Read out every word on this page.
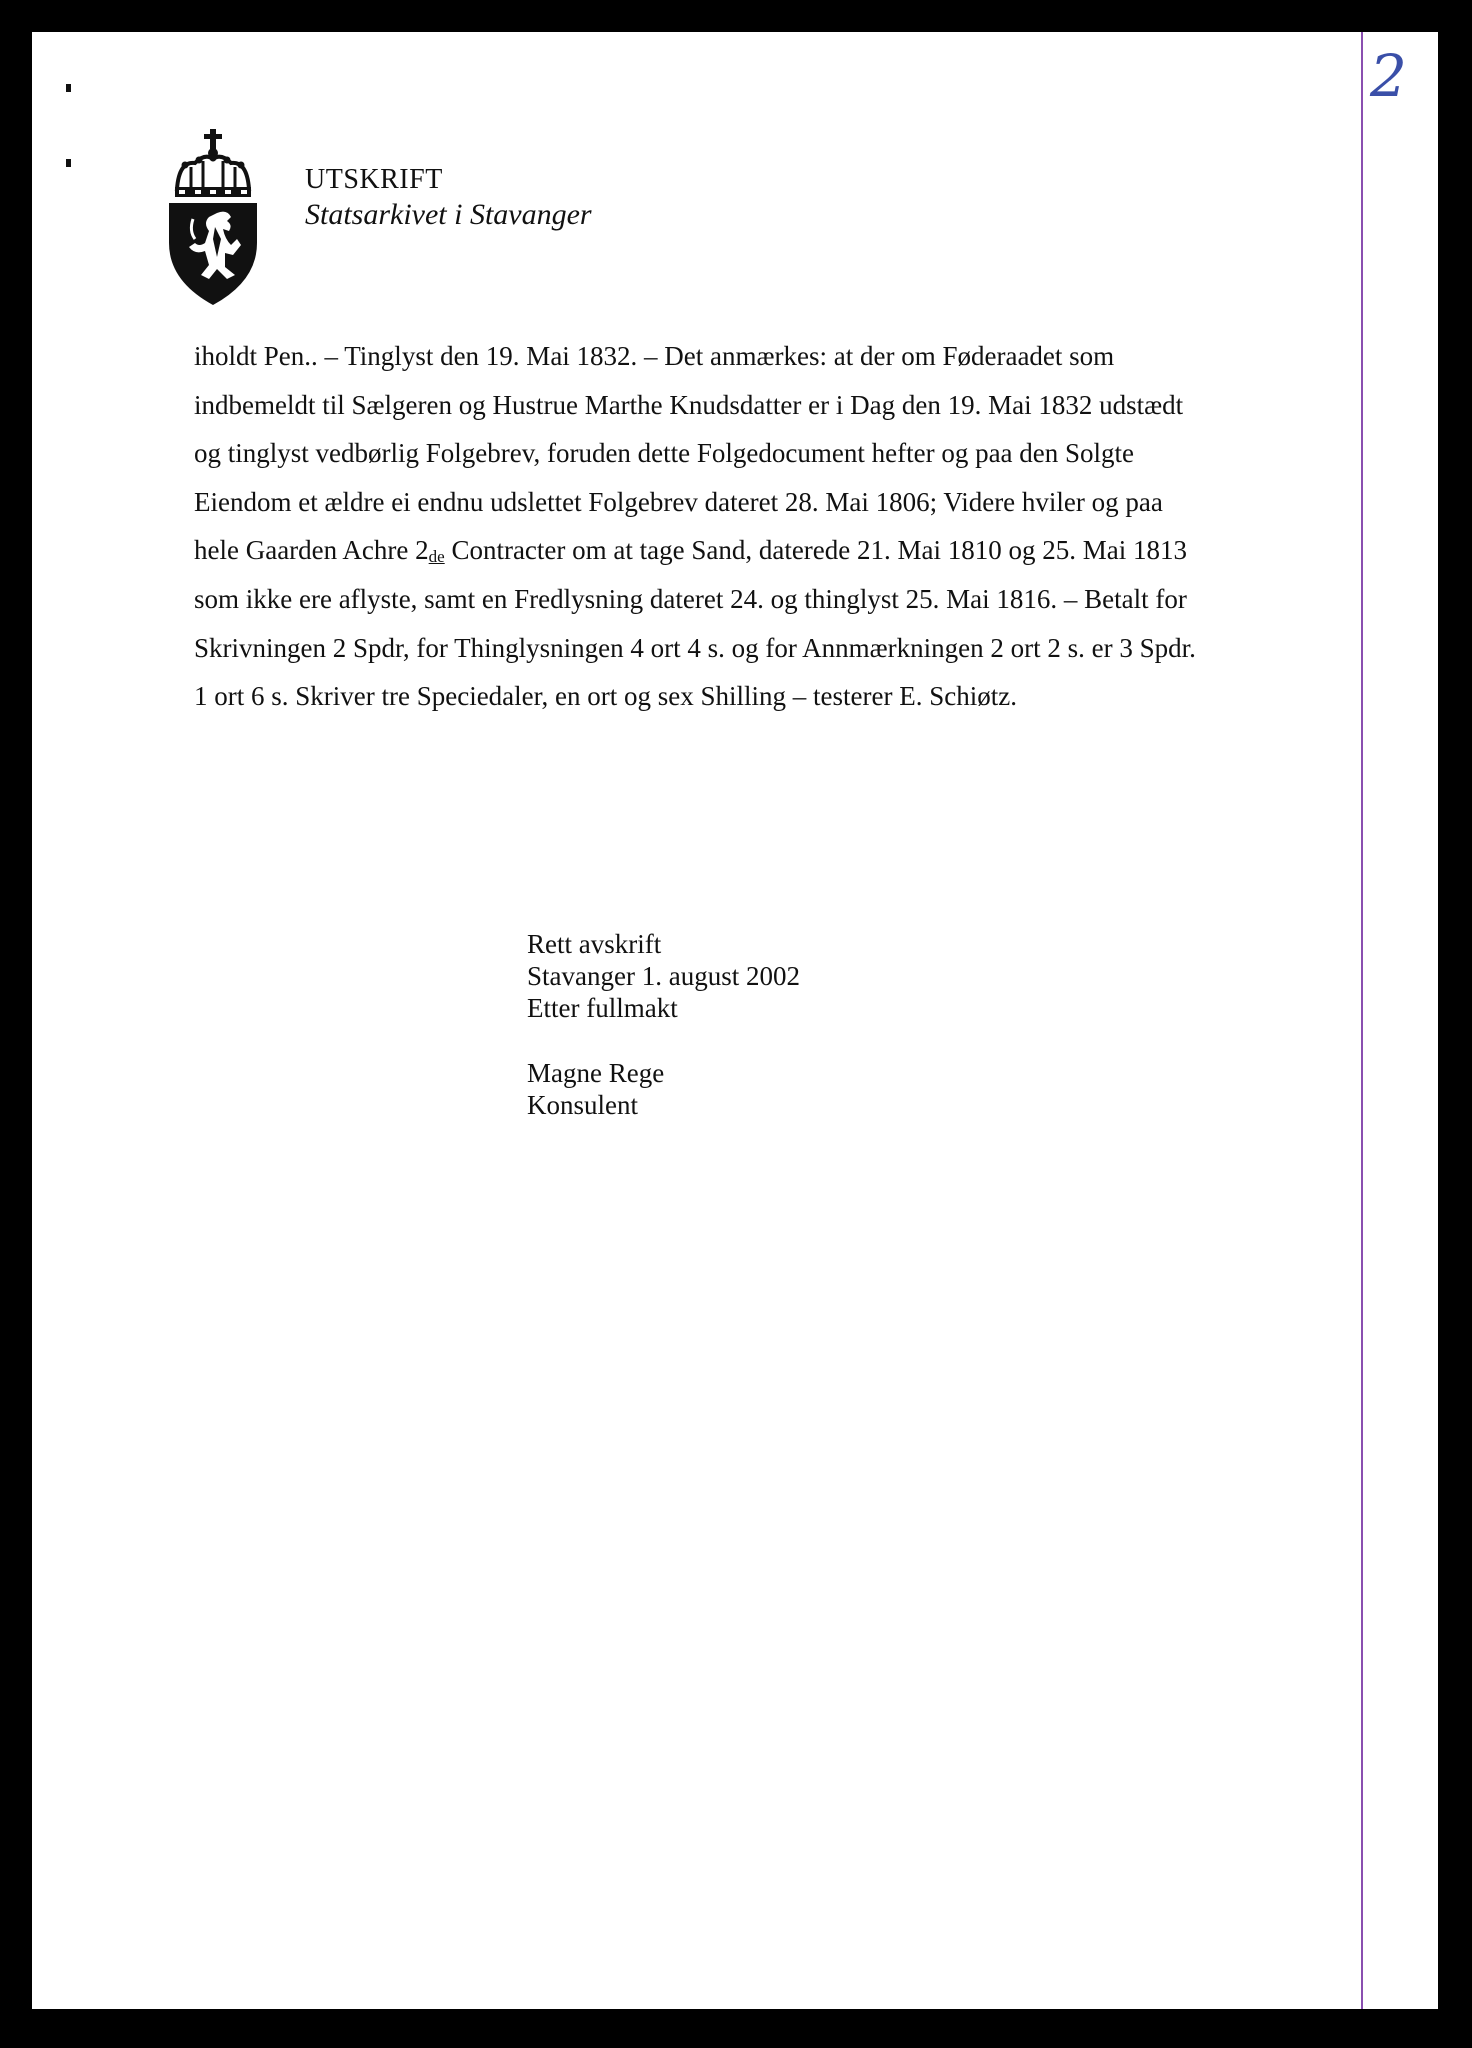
2
UTSKRIFT
Statsarkivet i Stavanger
iholdt Pen.. – Tinglyst den 19. Mai 1832. – Det anmærkes: at der om Føderaadet som
indbemeldt til Sælgeren og Hustrue Marthe Knudsdatter er i Dag den 19. Mai 1832 udstædt
og tinglyst vedbørlig Folgebrev, foruden dette Folgedocument hefter og paa den Solgte
Eiendom et ældre ei endnu udslettet Folgebrev dateret 28. Mai 1806; Videre hviler og paa
hele Gaarden Achre 2de Contracter om at tage Sand, daterede 21. Mai 1810 og 25. Mai 1813
som ikke ere aflyste, samt en Fredlysning dateret 24. og thinglyst 25. Mai 1816. – Betalt for
Skrivningen 2 Spdr, for Thinglysningen 4 ort 4 s. og for Annmærkningen 2 ort 2 s. er 3 Spdr.
1 ort 6 s. Skriver tre Speciedaler, en ort og sex Shilling – testerer E. Schiøtz.
Rett avskrift
Stavanger 1. august 2002
Etter fullmakt
Magne Rege
Konsulent
